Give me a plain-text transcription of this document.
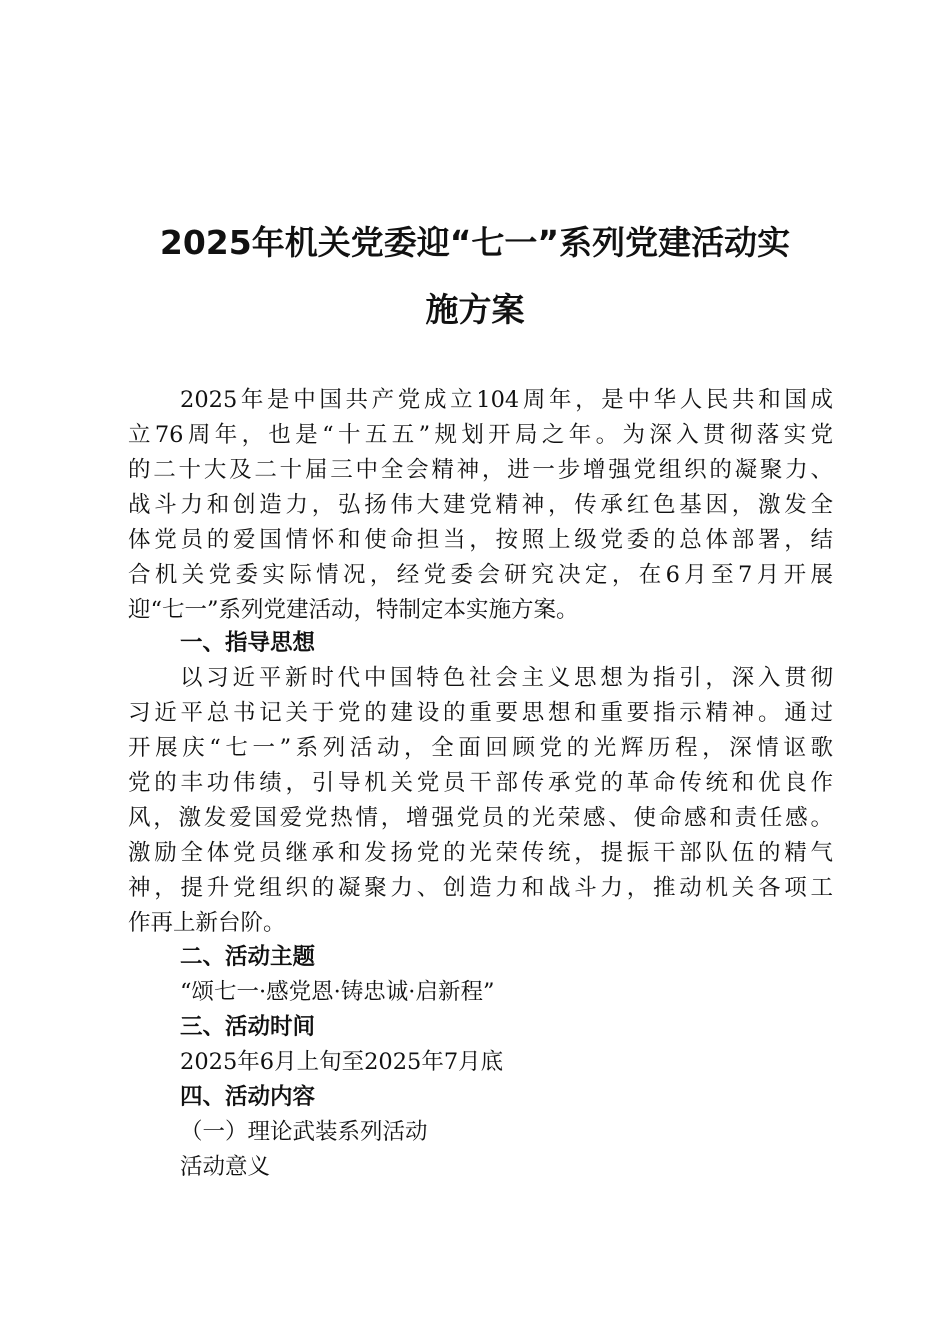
2025年机关党委迎“七一”系列党建活动实
施方案

2025年是中国共产党成立104周年，是中华人民共和国成

立76周年，也是“十五五”规划开局之年。为深入贯彻落实党

的二十大及二十届三中全会精神，进一步增强党组织的凝聚力、

战斗力和创造力，弘扬伟大建党精神，传承红色基因，激发全

体党员的爱国情怀和使命担当，按照上级党委的总体部署，结

合机关党委实际情况，经党委会研究决定，在6月至7月开展

迎“七一”系列党建活动，特制定本实施方案。

一、指导思想

以习近平新时代中国特色社会主义思想为指引，深入贯彻

习近平总书记关于党的建设的重要思想和重要指示精神。通过

开展庆“七一”系列活动，全面回顾党的光辉历程，深情讴歌

党的丰功伟绩，引导机关党员干部传承党的革命传统和优良作

风，激发爱国爱党热情，增强党员的光荣感、使命感和责任感。

激励全体党员继承和发扬党的光荣传统，提振干部队伍的精气

神，提升党组织的凝聚力、创造力和战斗力，推动机关各项工

作再上新台阶。

二、活动主题

“颂七一·感党恩·铸忠诚·启新程”

三、活动时间

2025年6月上旬至2025年7月底

四、活动内容

（一）理论武装系列活动

活动意义
